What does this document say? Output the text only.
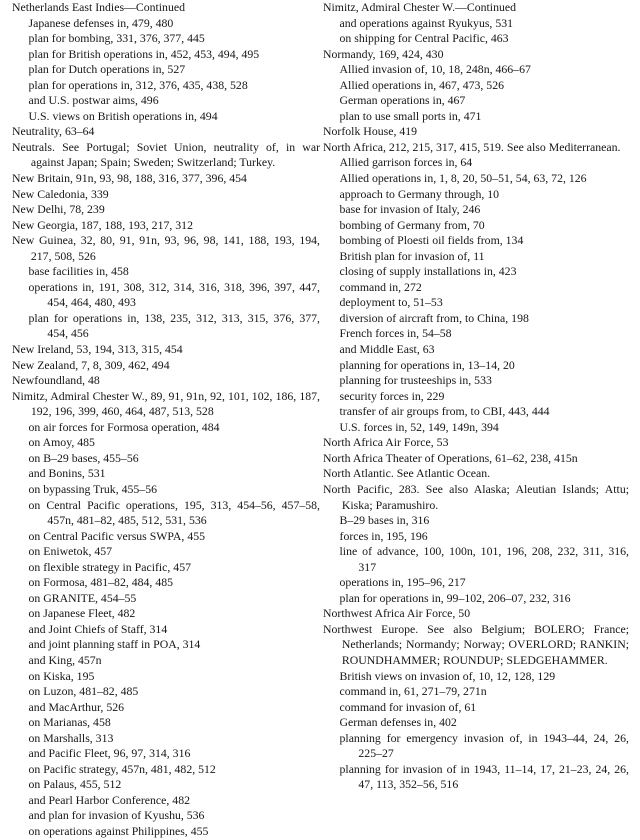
Netherlands East Indies—Continued

Japanese defenses in, 479, 480

plan for bombing, 331, 376, 377, 445

plan for British operations in, 452, 453, 494, 495

plan for Dutch operations in, 527

plan for operations in, 312, 376, 435, 438, 528

and U.S. postwar aims, 496

U.S. views on British operations in, 494

Neutrality, 63–64

Neutrals. See Portugal; Soviet Union, neutrality of, in war against Japan; Spain; Sweden; Switzerland; Turkey.

New Britain, 91n, 93, 98, 188, 316, 377, 396, 454

New Caledonia, 339

New Delhi, 78, 239

New Georgia, 187, 188, 193, 217, 312

New Guinea, 32, 80, 91, 91n, 93, 96, 98, 141, 188, 193, 194, 217, 508, 526

base facilities in, 458

operations in, 191, 308, 312, 314, 316, 318, 396, 397, 447, 454, 464, 480, 493

plan for operations in, 138, 235, 312, 313, 315, 376, 377, 454, 456

New Ireland, 53, 194, 313, 315, 454

New Zealand, 7, 8, 309, 462, 494

Newfoundland, 48

Nimitz, Admiral Chester W., 89, 91, 91n, 92, 101, 102, 186, 187, 192, 196, 399, 460, 464, 487, 513, 528

on air forces for Formosa operation, 484

on Amoy, 485

on B–29 bases, 455–56

and Bonins, 531

on bypassing Truk, 455–56

on Central Pacific operations, 195, 313, 454–56, 457–58, 457n, 481–82, 485, 512, 531, 536

on Central Pacific versus SWPA, 455

on Eniwetok, 457

on flexible strategy in Pacific, 457

on Formosa, 481–82, 484, 485

on GRANITE, 454–55

on Japanese Fleet, 482

and Joint Chiefs of Staff, 314

and joint planning staff in POA, 314

and King, 457n

on Kiska, 195

on Luzon, 481–82, 485

and MacArthur, 526

on Marianas, 458

on Marshalls, 313

and Pacific Fleet, 96, 97, 314, 316

on Pacific strategy, 457n, 481, 482, 512

on Palaus, 455, 512

and Pearl Harbor Conference, 482

and plan for invasion of Kyushu, 536

on operations against Philippines, 455

Nimitz, Admiral Chester W.—Continued

and operations against Ryukyus, 531

on shipping for Central Pacific, 463

Normandy, 169, 424, 430

Allied invasion of, 10, 18, 248n, 466–67

Allied operations in, 467, 473, 526

German operations in, 467

plan to use small ports in, 471

Norfolk House, 419

North Africa, 212, 215, 317, 415, 519. See also Mediterranean.

Allied garrison forces in, 64

Allied operations in, 1, 8, 20, 50–51, 54, 63, 72, 126

approach to Germany through, 10

base for invasion of Italy, 246

bombing of Germany from, 70

bombing of Ploesti oil fields from, 134

British plan for invasion of, 11

closing of supply installations in, 423

command in, 272

deployment to, 51–53

diversion of aircraft from, to China, 198

French forces in, 54–58

and Middle East, 63

planning for operations in, 13–14, 20

planning for trusteeships in, 533

security forces in, 229

transfer of air groups from, to CBI, 443, 444

U.S. forces in, 52, 149, 149n, 394

North Africa Air Force, 53

North Africa Theater of Operations, 61–62, 238, 415n

North Atlantic. See Atlantic Ocean.

North Pacific, 283. See also Alaska; Aleutian Islands; Attu; Kiska; Paramushiro.

B–29 bases in, 316

forces in, 195, 196

line of advance, 100, 100n, 101, 196, 208, 232, 311, 316, 317

operations in, 195–96, 217

plan for operations in, 99–102, 206–07, 232, 316

Northwest Africa Air Force, 50

Northwest Europe. See also Belgium; BOLERO; France; Netherlands; Normandy; Norway; OVERLORD; RANKIN; ROUNDHAMMER; ROUNDUP; SLEDGEHAMMER.

British views on invasion of, 10, 12, 128, 129

command in, 61, 271–79, 271n

command for invasion of, 61

German defenses in, 402

planning for emergency invasion of, in 1943–44, 24, 26, 225–27

planning for invasion of in 1943, 11–14, 17, 21–23, 24, 26, 47, 113, 352–56, 516
